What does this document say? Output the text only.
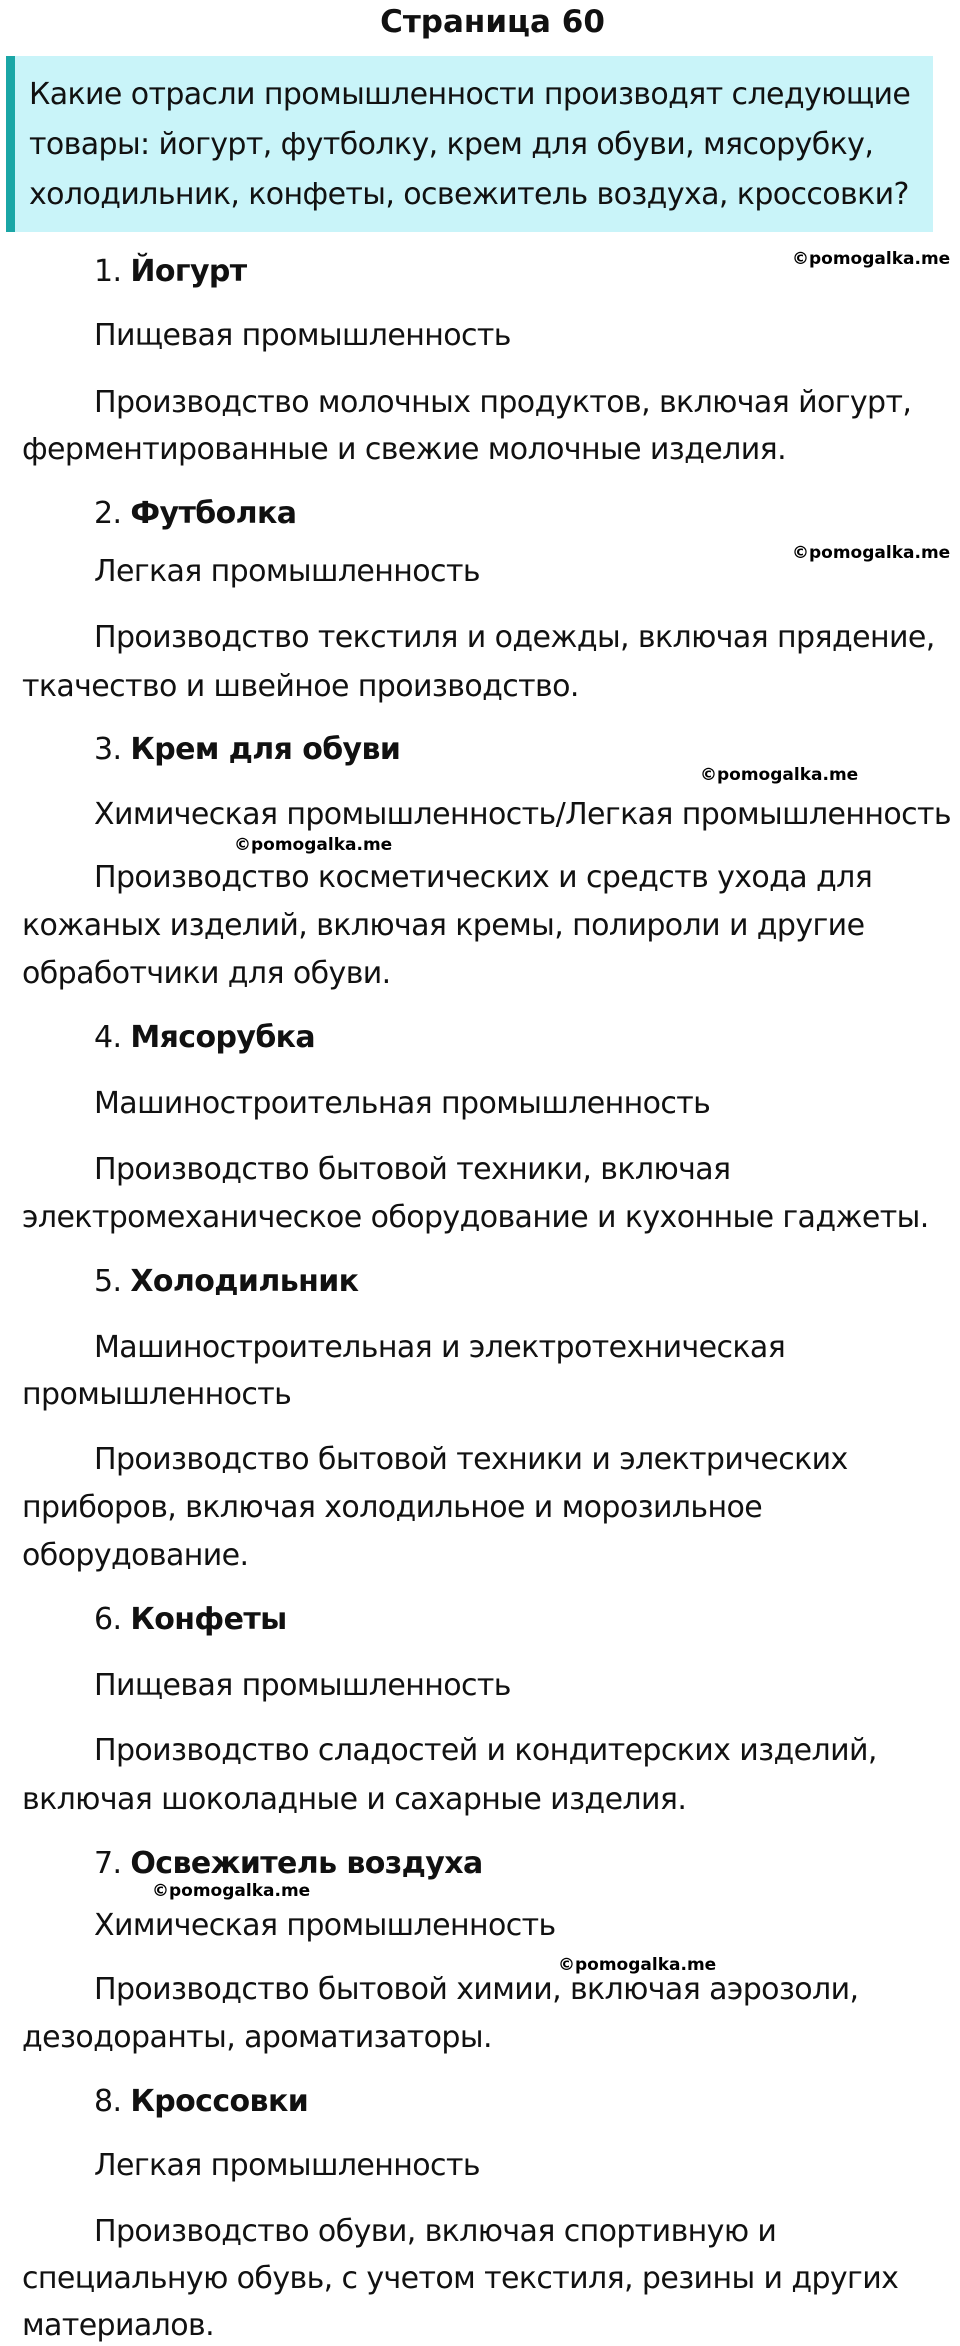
Страница 60
Какие отрасли промышленности производят следующие
товары: йогурт, футболку, крем для обуви, мясорубку,
холодильник, конфеты, освежитель воздуха, кроссовки?
1. Йогурт	©pomogalka.me
Пищевая промышленность
Производство молочных продуктов, включая йогурт,
ферментированные и свежие молочные изделия.
2. Футболка
©pomogalka.me
Легкая промышленность
Производство текстиля и одежды, включая прядение,
ткачество и швейное производство.
3. Крем для обуви
©pomogalka.me
Химическая промышленность/Легкая промышленность
©pomogalka.me
Производство косметических и средств ухода для
кожаных изделий, включая кремы, полироли и другие
обработчики для обуви.
4. Мясорубка
Машиностроительная промышленность
Производство бытовой техники, включая
электромеханическое оборудование и кухонные гаджеты.
5. Холодильник
Машиностроительная и электротехническая
промышленность
Производство бытовой техники и электрических
приборов, включая холодильное и морозильное
оборудование.
6. Конфеты
Пищевая промышленность
Производство сладостей и кондитерских изделий,
включая шоколадные и сахарные изделия.
7. Освежитель воздуха
©pomogalka.me
Химическая промышленность
©pomogalka.me
Производство бытовой химии, включая аэрозоли,
дезодоранты, ароматизаторы.
8. Кроссовки
Легкая промышленность
Производство обуви, включая спортивную и
специальную обувь, с учетом текстиля, резины и других
материалов.
